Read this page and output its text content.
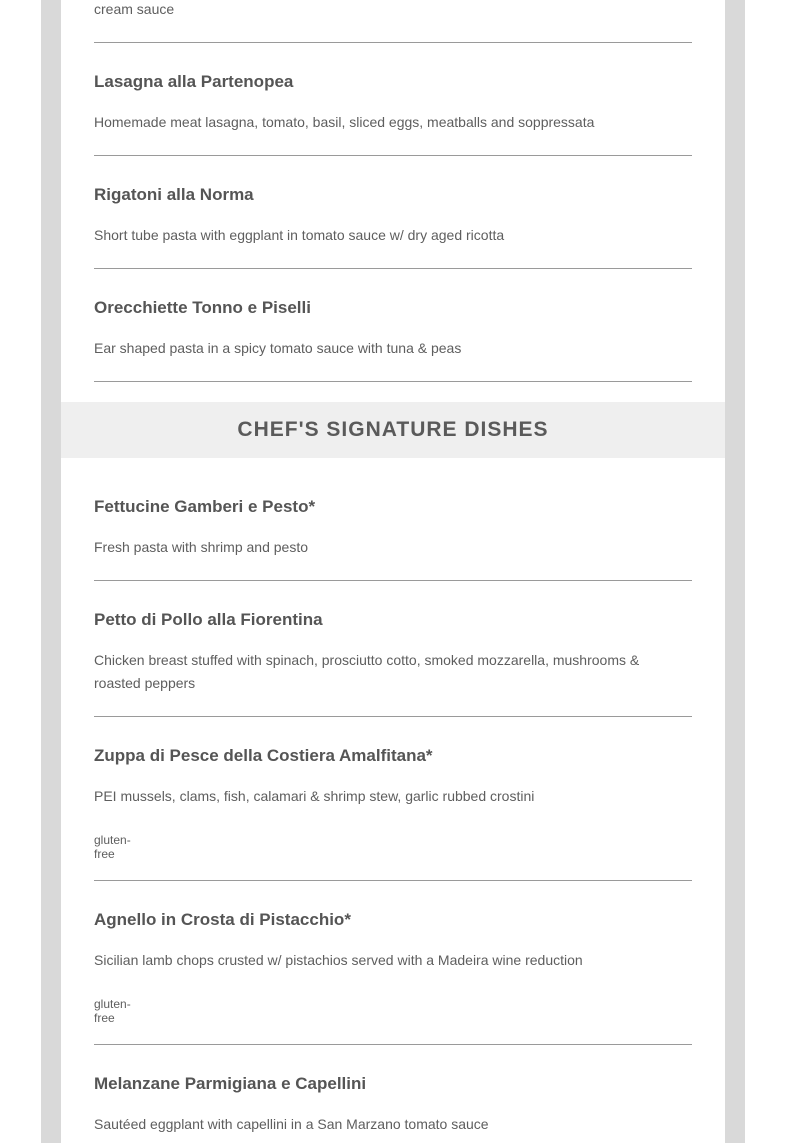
cream sauce
Lasagna alla Partenopea
Homemade meat lasagna, tomato, basil, sliced eggs, meatballs and soppressata
Rigatoni alla Norma
Short tube pasta with eggplant in tomato sauce w/ dry aged ricotta
Orecchiette Tonno e Piselli
Ear shaped pasta in a spicy tomato sauce with tuna & peas
CHEF'S SIGNATURE DISHES
Fettucine Gamberi e Pesto*
Fresh pasta with shrimp and pesto
Petto di Pollo alla Fiorentina
Chicken breast stuffed with spinach, prosciutto cotto, smoked mozzarella, mushrooms & roasted peppers
Zuppa di Pesce della Costiera Amalfitana*
PEI mussels, clams, fish, calamari & shrimp stew, garlic rubbed crostini
gluten-free
Agnello in Crosta di Pistacchio*
Sicilian lamb chops crusted w/ pistachios served with a Madeira wine reduction
gluten-free
Melanzane Parmigiana e Capellini
Sautéed eggplant with capellini in a San Marzano tomato sauce
